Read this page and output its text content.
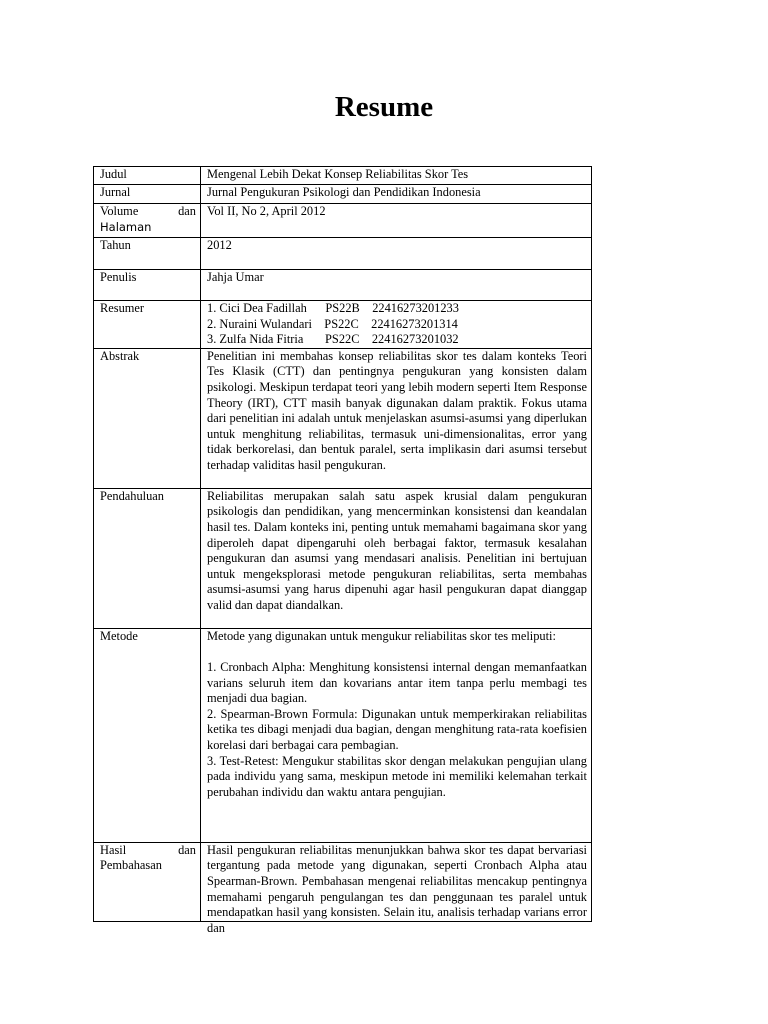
Resume
Judul	Mengenal Lebih Dekat Konsep Reliabilitas Skor Tes
Jurnal	Jurnal Pengukuran Psikologi dan Pendidikan Indonesia

Volume dan
Halaman	Vol II, No 2, April 2012
Tahun	2012
Penulis	Jahja Umar
Resumer	1. Cici Dea Fadillah      PS22B    22416273201233
2. Nuraini Wulandari    PS22C    22416273201314
3. Zulfa Nida Fitria       PS22C    22416273201032

Abstrak	Penelitian ini membahas konsep reliabilitas skor tes dalam konteks Teori Tes Klasik (CTT) dan pentingnya pengukuran yang konsisten dalam psikologi. Meskipun terdapat teori yang lebih modern seperti Item Response Theory (IRT), CTT masih banyak digunakan dalam praktik. Fokus utama dari penelitian ini adalah untuk menjelaskan asumsi-asumsi yang diperlukan untuk menghitung reliabilitas, termasuk uni-dimensionalitas, error yang tidak berkorelasi, dan bentuk paralel, serta implikasin dari asumsi tersebut terhadap validitas hasil pengukuran.
Pendahuluan	Reliabilitas merupakan salah satu aspek krusial dalam pengukuran psikologis dan pendidikan, yang mencerminkan konsistensi dan keandalan hasil tes. Dalam konteks ini, penting untuk memahami bagaimana skor yang diperoleh dapat dipengaruhi oleh berbagai faktor, termasuk kesalahan pengukuran dan asumsi yang mendasari analisis. Penelitian ini bertujuan untuk mengeksplorasi metode pengukuran reliabilitas, serta membahas asumsi-asumsi yang harus dipenuhi agar hasil pengukuran dapat dianggap valid dan dapat diandalkan.
Metode	Metode yang digunakan untuk mengukur reliabilitas skor tes meliputi:
1. Cronbach Alpha: Menghitung konsistensi internal dengan memanfaatkan varians seluruh item dan kovarians antar item tanpa perlu membagi tes menjadi dua bagian.
2. Spearman-Brown Formula: Digunakan untuk memperkirakan reliabilitas ketika tes dibagi menjadi dua bagian, dengan menghitung rata-rata koefisien korelasi dari berbagai cara pembagian.
3. Test-Retest: Mengukur stabilitas skor dengan melakukan pengujian ulang pada individu yang sama, meskipun metode ini memiliki kelemahan terkait perubahan individu dan waktu antara pengujian.

Hasil dan
Pembahasan	Hasil pengukuran reliabilitas menunjukkan bahwa skor tes dapat bervariasi tergantung pada metode yang digunakan, seperti Cronbach Alpha atau Spearman-Brown. Pembahasan mengenai reliabilitas mencakup pentingnya memahami pengaruh pengulangan tes dan penggunaan tes paralel untuk mendapatkan hasil yang konsisten. Selain itu, analisis terhadap varians error dan
